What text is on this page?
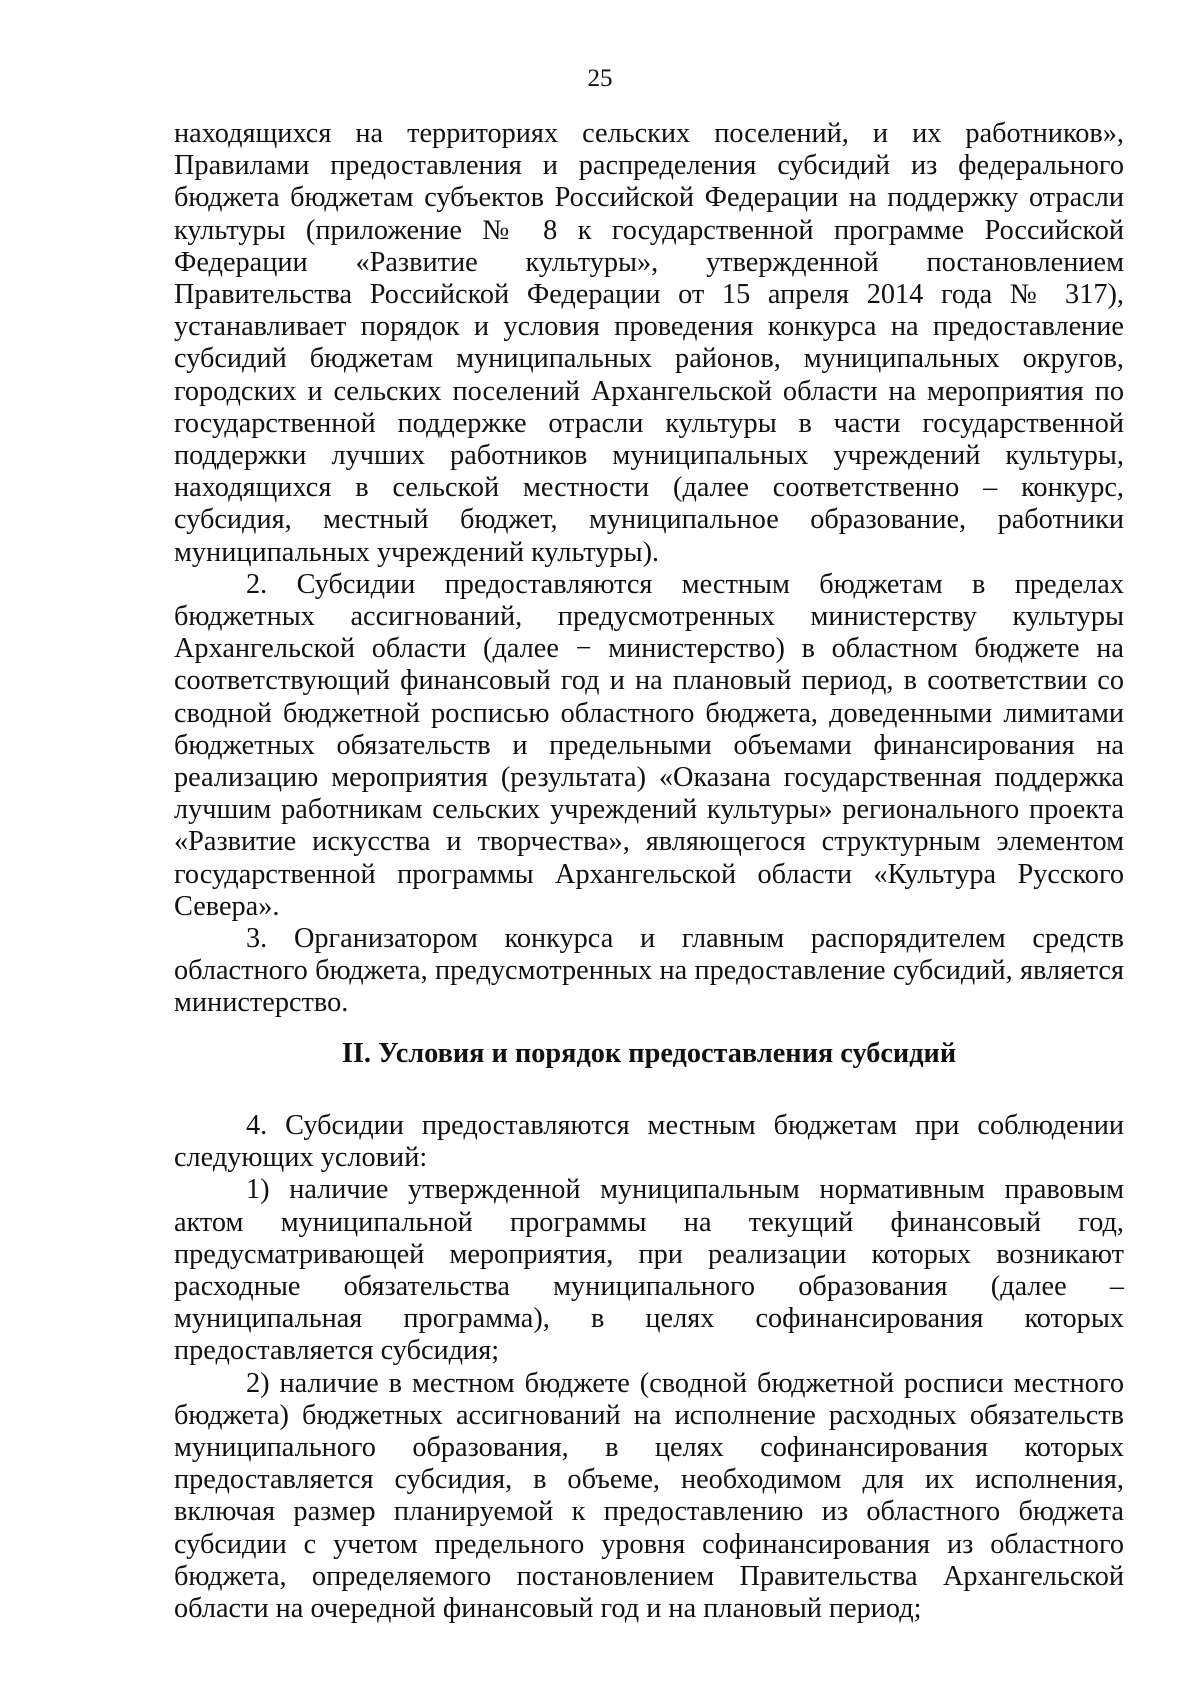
25

находящихся на территориях сельских поселений, и их работников», Правилами предоставления и распределения субсидий из федерального бюджета бюджетам субъектов Российской Федерации на поддержку отрасли культуры (приложение № 8 к государственной программе Российской Федерации «Развитие культуры», утвержденной постановлением Правительства Российской Федерации от 15 апреля 2014 года № 317), устанавливает порядок и условия проведения конкурса на предоставление субсидий бюджетам муниципальных районов, муниципальных округов, городских и сельских поселений Архангельской области на мероприятия по государственной поддержке отрасли культуры в части государственной поддержки лучших работников муниципальных учреждений культуры, находящихся в сельской местности (далее соответственно – конкурс, субсидия, местный бюджет, муниципальное образование, работники муниципальных учреждений культуры).

2. Субсидии предоставляются местным бюджетам в пределах бюджетных ассигнований, предусмотренных министерству культуры Архангельской области (далее − министерство) в областном бюджете на соответствующий финансовый год и на плановый период, в соответствии со сводной бюджетной росписью областного бюджета, доведенными лимитами бюджетных обязательств и предельными объемами финансирования на реализацию мероприятия (результата) «Оказана государственная поддержка лучшим работникам сельских учреждений культуры» регионального проекта «Развитие искусства и творчества», являющегося структурным элементом государственной программы Архангельской области «Культура Русского Севера».

3. Организатором конкурса и главным распорядителем средств областного бюджета, предусмотренных на предоставление субсидий, является министерство.

II. Условия и порядок предоставления субсидий

4. Субсидии предоставляются местным бюджетам при соблюдении следующих условий:

1) наличие утвержденной муниципальным нормативным правовым актом муниципальной программы на текущий финансовый год, предусматривающей мероприятия, при реализации которых возникают расходные обязательства муниципального образования (далее – муниципальная программа), в целях софинансирования которых предоставляется субсидия;

2) наличие в местном бюджете (сводной бюджетной росписи местного бюджета) бюджетных ассигнований на исполнение расходных обязательств муниципального образования, в целях софинансирования которых предоставляется субсидия, в объеме, необходимом для их исполнения, включая размер планируемой к предоставлению из областного бюджета субсидии с учетом предельного уровня софинансирования из областного бюджета, определяемого постановлением Правительства Архангельской области на очередной финансовый год и на плановый период;
